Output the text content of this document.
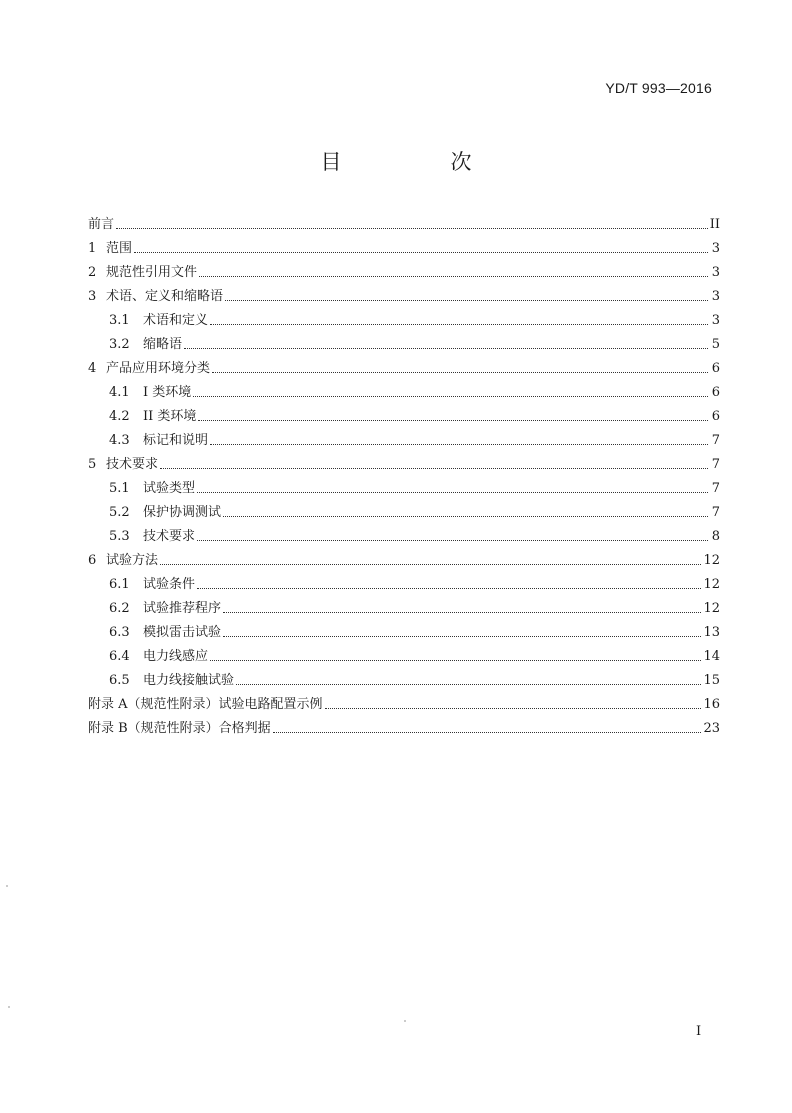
YD/T 993—2016
目　次
前言	II
1 范围	3
2 规范性引用文件	3
3 术语、定义和缩略语	3
3.1	术语和定义	3
3.2	缩略语	5
4 产品应用环境分类	6
4.1	I 类环境	6
4.2	II 类环境	6
4.3	标记和说明	7
5 技术要求	7
5.1	试验类型	7
5.2	保护协调测试	7
5.3	技术要求	8
6 试验方法	12
6.1	试验条件	12
6.2	试验推荐程序	12
6.3	模拟雷击试验	13
6.4	电力线感应	14
6.5	电力线接触试验	15
附录 A（规范性附录）试验电路配置示例	16
附录 B（规范性附录）合格判据	23
I
